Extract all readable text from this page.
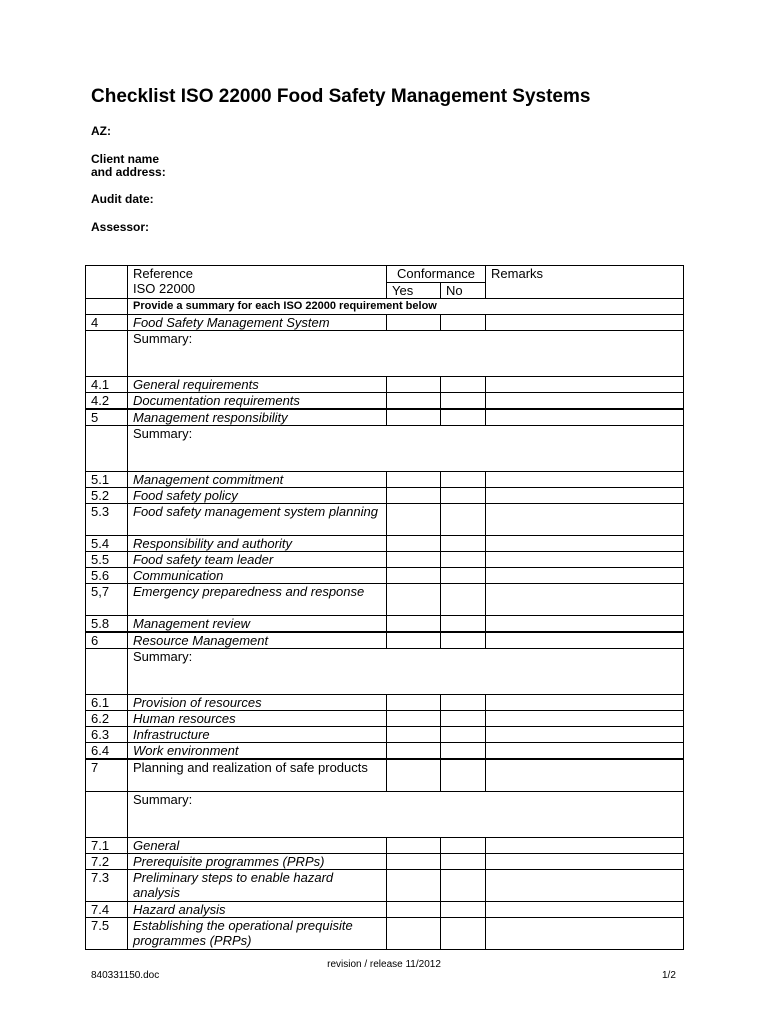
Checklist ISO 22000 Food Safety Management Systems
AZ:
Client name
and address:
Audit date:
Assessor:

	Reference
ISO 22000	Conformance		Remarks
		Yes	No	
	Provide a summary for each ISO 22000 requirement below			
4	Food Safety Management System			
	Summary:			
4.1	General requirements			
4.2	Documentation requirements			
5	Management responsibility			
	Summary:			
5.1	Management commitment			
5.2	Food safety policy			
5.3	Food safety management system planning			
5.4	Responsibility and authority			
5.5	Food safety team leader			
5.6	Communication			
5,7	Emergency preparedness and response			
5.8	Management review			
6	Resource Management			
	Summary:			
6.1	Provision of resources			
6.2	Human resources			
6.3	Infrastructure			
6.4	Work environment			
7	Planning and realization of safe products			
	Summary:			
7.1	General			
7.2	Prerequisite programmes (PRPs)			
7.3	Preliminary steps to enable hazard analysis			
7.4	Hazard analysis			
7.5	Establishing the operational prequisite programmes (PRPs)			
revision / release 11/2012
840331150.doc	1/2
